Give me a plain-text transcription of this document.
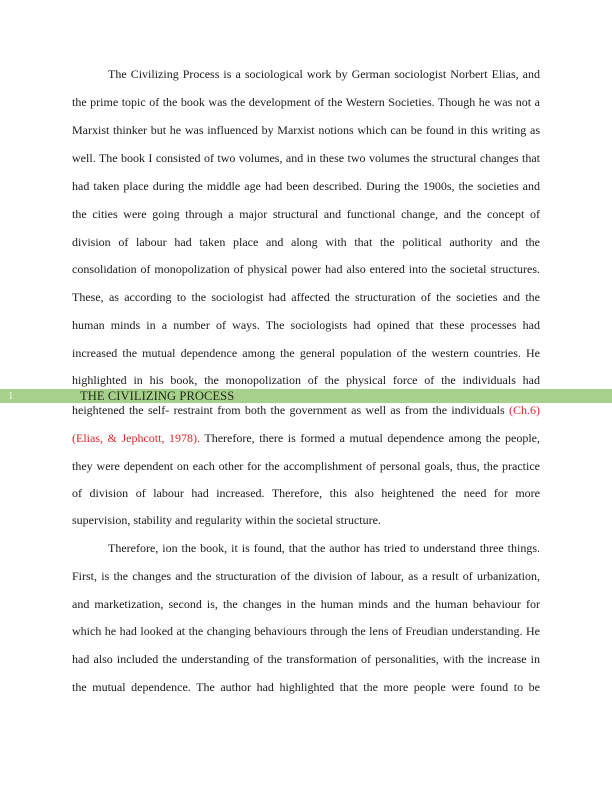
The Civilizing Process is a sociological work by German sociologist Norbert Elias, and
the prime topic of the book was the development of the Western Societies. Though he was not a
Marxist thinker but he was influenced by Marxist notions which can be found in this writing as
well. The book I consisted of two volumes, and in these two volumes the structural changes that
had taken place during the middle age had been described. During the 1900s, the societies and
the cities were going through a major structural and functional change, and the concept of
division of labour had taken place and along with that the political authority and the
consolidation of monopolization of physical power had also entered into the societal structures.
These, as according to the sociologist had affected the structuration of the societies and the
human minds in a number of ways. The sociologists had opined that these processes had
increased the mutual dependence among the general population of the western countries. He
highlighted in his book, the monopolization of the physical force of the individuals had
1	THE CIVILIZING PROCESS
heightened the self- restraint from both the government as well as from the individuals (Ch.6)
(Elias, & Jephcott, 1978). Therefore, there is formed a mutual dependence among the people,
they were dependent on each other for the accomplishment of personal goals, thus, the practice
of division of labour had increased. Therefore, this also heightened the need for more
supervision, stability and regularity within the societal structure.
Therefore, ion the book, it is found, that the author has tried to understand three things.
First, is the changes and the structuration of the division of labour, as a result of urbanization,
and marketization, second is, the changes in the human minds and the human behaviour for
which he had looked at the changing behaviours through the lens of Freudian understanding. He
had also included the understanding of the transformation of personalities, with the increase in
the mutual dependence. The author had highlighted that the more people were found to be
